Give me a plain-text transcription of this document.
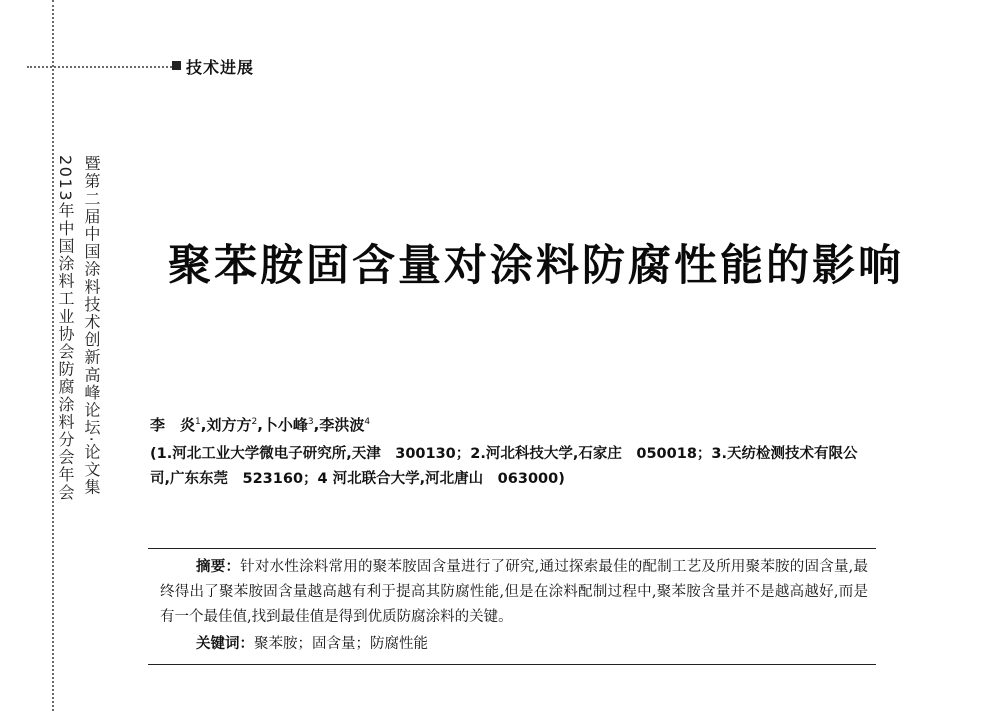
技术进展
暨第二届中国涂料技术创新高峰论坛·论文集
2013年中国涂料工业协会防腐涂料分会年会 聚苯胺固含量对涂料防腐性能的影响
李　炎$^1$,刘方方$^2$,卜小峰$^3$,李洪波$^4$
(1.河北工业大学微电子研究所,天津　300130；2.河北科技大学,石家庄　050018；3.天纺检测技术有限公
司,广东东莞　523160；4 河北联合大学,河北唐山　063000)
摘要：针对水性涂料常用的聚苯胺固含量进行了研究,通过探索最佳的配制工艺及所用聚苯胺的固含量,最终得出了聚苯胺固含量越高越有利于提高其防腐性能,但是在涂料配制过程中,聚苯胺含量并不是越高越好,而是有一个最佳值,找到最佳值是得到优质防腐涂料的关键。
关键词：聚苯胺；固含量；防腐性能
